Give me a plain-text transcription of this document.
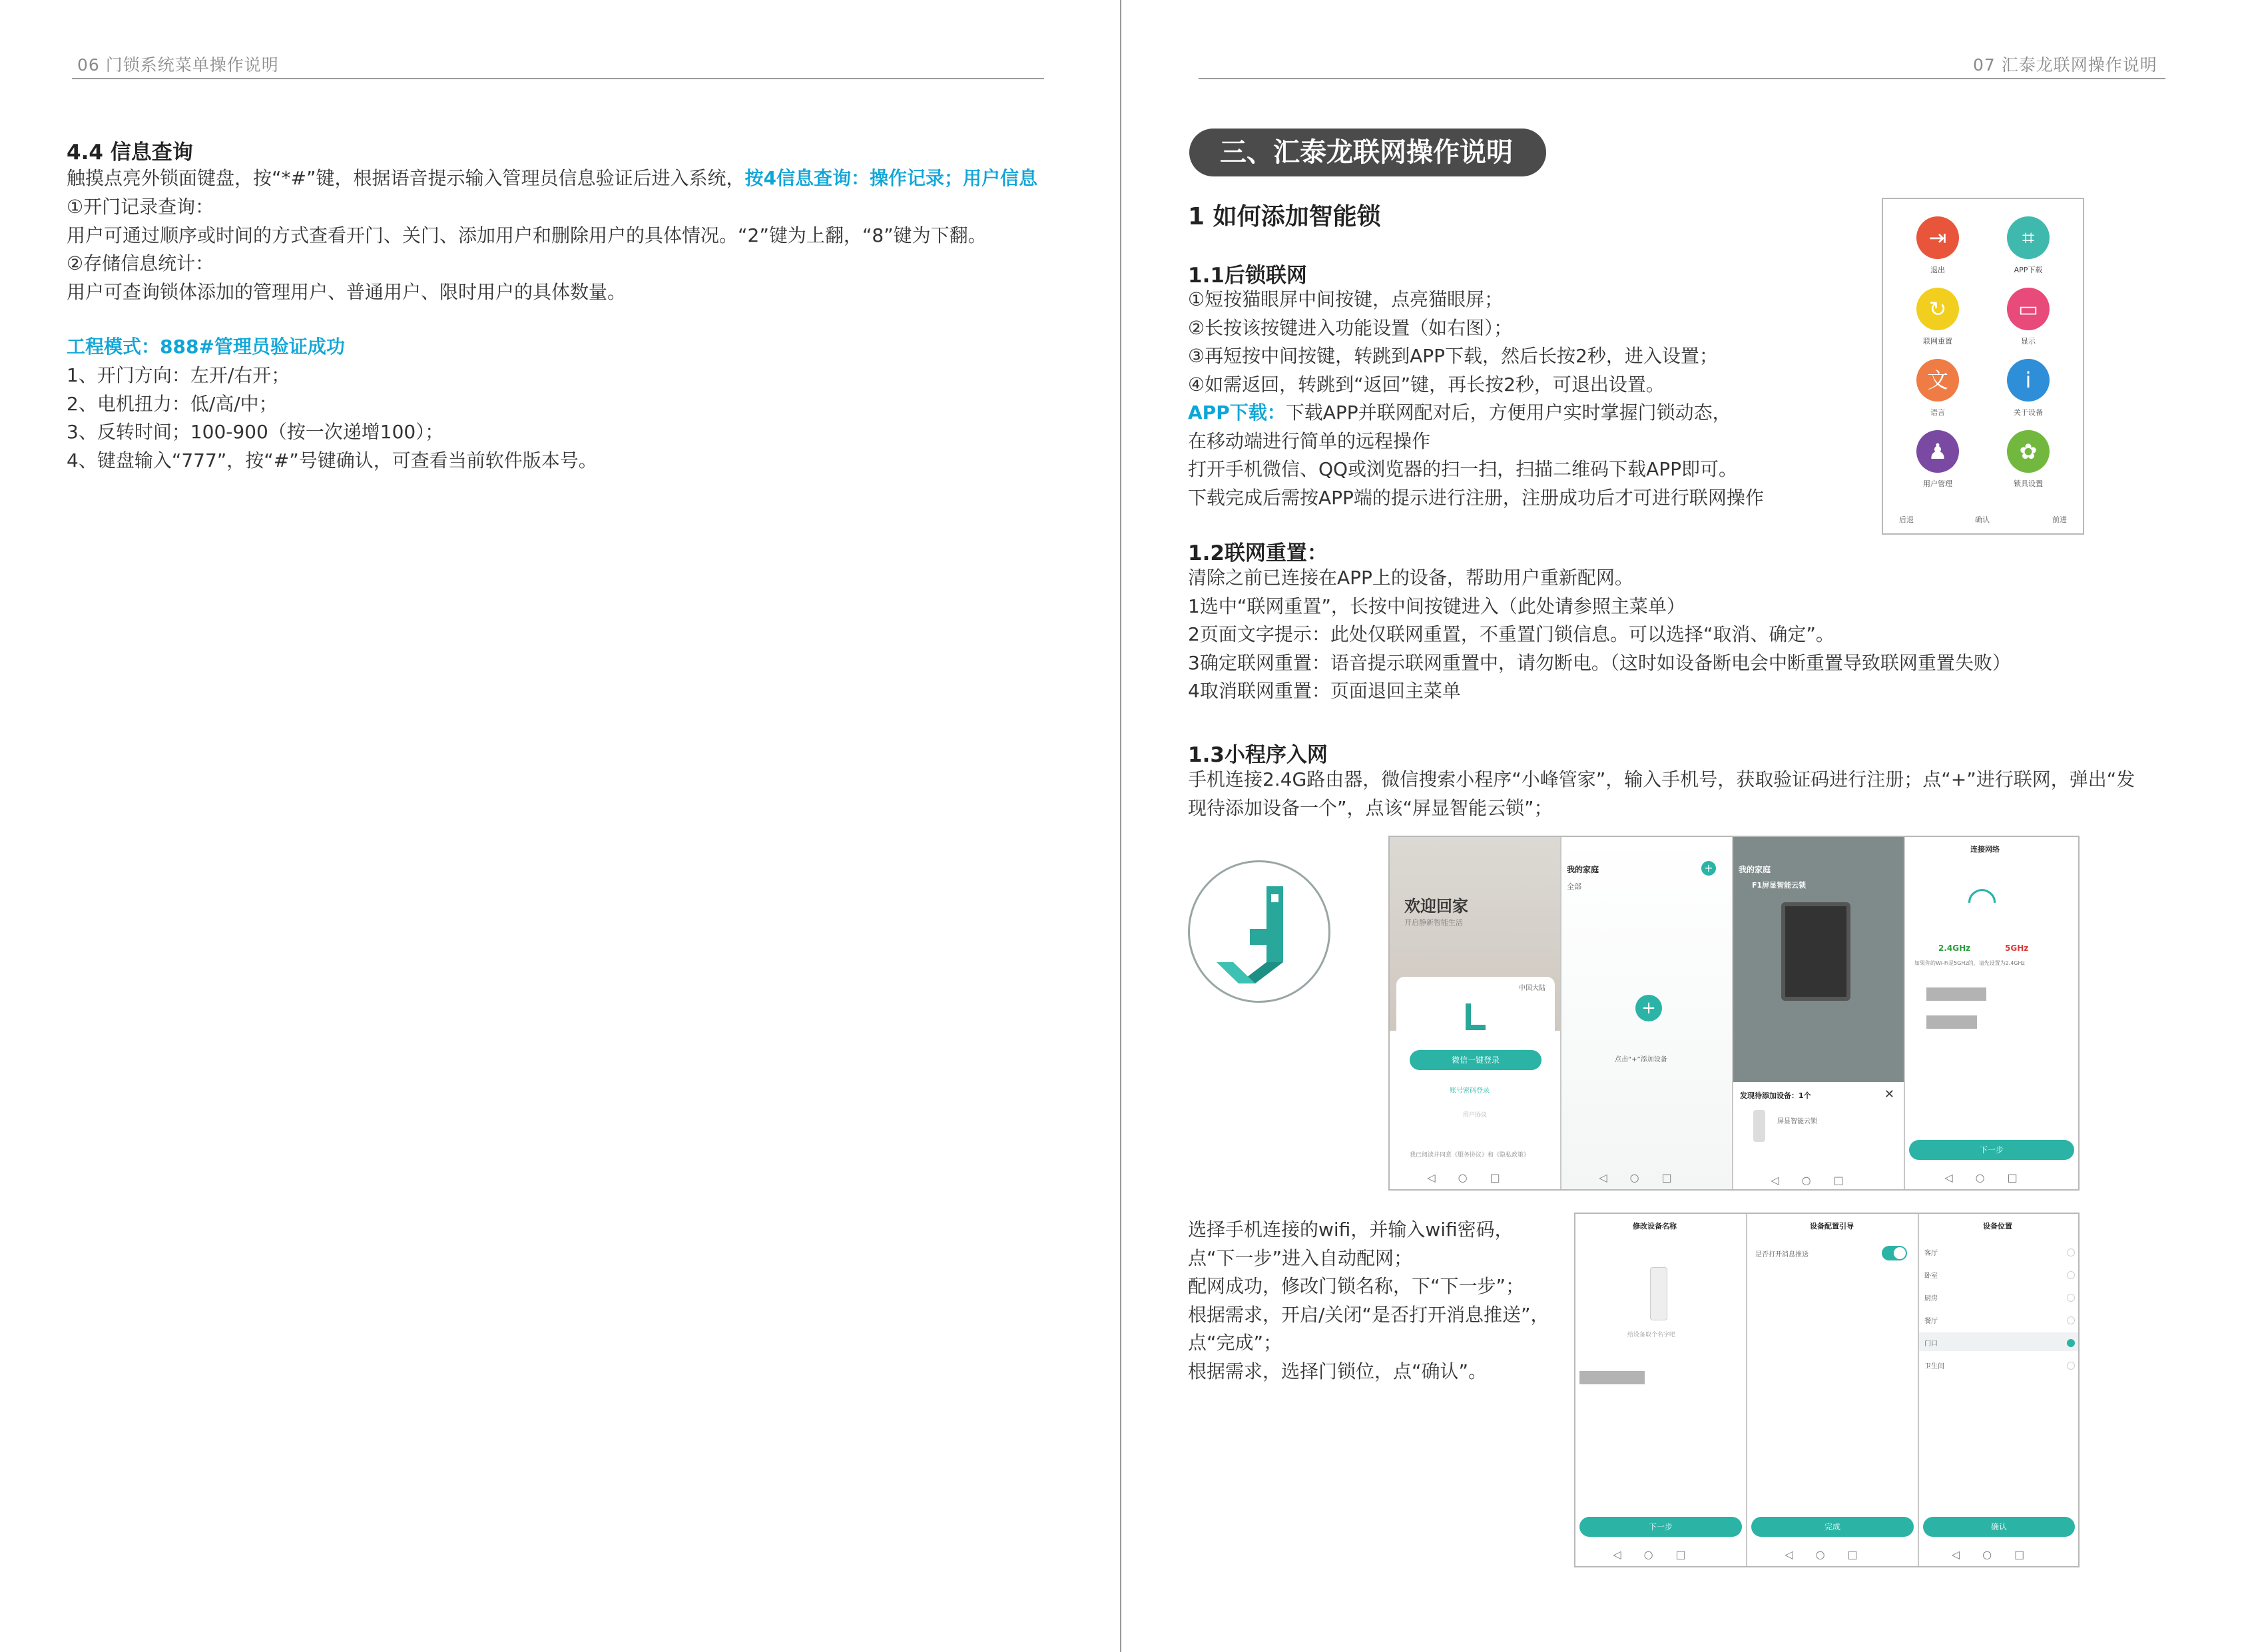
06 门锁系统菜单操作说明
4.4 信息查询
触摸点亮外锁面键盘，按“*#”键，根据语音提示输入管理员信息验证后进入系统，按4信息查询：操作记录；用户信息
①开门记录查询：
用户可通过顺序或时间的方式查看开门、关门、添加用户和删除用户的具体情况。“2”键为上翻，“8”键为下翻。
②存储信息统计：
用户可查询锁体添加的管理用户、普通用户、限时用户的具体数量。
工程模式：888#管理员验证成功
1、开门方向：左开/右开；
2、电机扭力：低/高/中；
3、反转时间；100-900（按一次递增100）；
4、键盘输入“777”，按“#”号键确认，可查看当前软件版本号。
07 汇泰龙联网操作说明
三、汇泰龙联网操作说明
1 如何添加智能锁
1.1后锁联网
①短按猫眼屏中间按键，点亮猫眼屏；
②长按该按键进入功能设置（如右图）；
③再短按中间按键，转跳到APP下载，然后长按2秒，进入设置；
④如需返回，转跳到“返回”键，再长按2秒，可退出设置。
APP下载：下载APP并联网配对后，方便用户实时掌握门锁动态，
在移动端进行简单的远程操作
打开手机微信、QQ或浏览器的扫一扫，扫描二维码下载APP即可。
下载完成后需按APP端的提示进行注册，注册成功后才可进行联网操作
⇥
退出
⌗
APP下载
↻
联网重置
▭
显示
文
语言
i
关于设备
♟
用户管理
✿
锁具设置
后退	确认	前进
1.2联网重置：
清除之前已连接在APP上的设备，帮助用户重新配网。
1选中“联网重置”，长按中间按键进入（此处请参照主菜单）
2页面文字提示：此处仅联网重置，不重置门锁信息。可以选择“取消、确定”。
3确定联网重置：语音提示联网重置中，请勿断电。（这时如设备断电会中断重置导致联网重置失败）
4取消联网重置：页面退回主菜单
1.3小程序入网
手机连接2.4G路由器，微信搜索小程序“小峰管家”，输入手机号，获取验证码进行注册；点“+”进行联网，弹出“发
现待添加设备一个”，点该“屏显智能云锁”；
欢迎回家
开启静新智能生活
中国大陆
微信一键登录
账号密码登录
用户协议
我已阅读并同意《服务协议》和《隐私政策》
◁○□
我的家庭
全部
+
+
点击“+”添加设备
◁○□
我的家庭
F1屏显智能云锁
发现待添加设备：1个	✕
屏显智能云锁
◁○□
连接网络
◠
2.4GHz	5GHz
如果你的Wi-Fi是5GHz的，请先设置为2.4GHz
下一步
◁○□
选择手机连接的wifi，并输入wifi密码，
点“下一步”进入自动配网；
配网成功，修改门锁名称，下“下一步”；
根据需求，开启/关闭“是否打开消息推送”，
点“完成”；
根据需求，选择门锁位，点“确认”。
修改设备名称
给设备取个名字吧
下一步
◁○□
设备配置引导
是否打开消息推送
完成
◁○□
设备位置
客厅
卧室
厨房
餐厅
门口
卫生间
确认
◁○□
